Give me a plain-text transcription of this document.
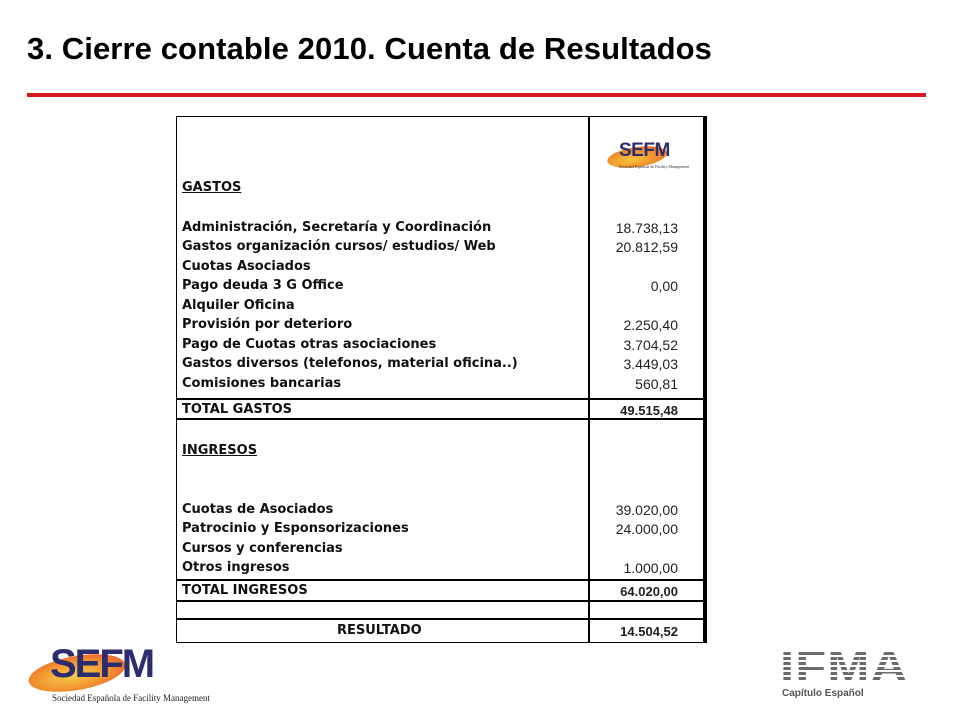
3. Cierre contable 2010. Cuenta de Resultados
SEFM
Sociedad Española de Facility Management
GASTOS
Administración, Secretaría y Coordinación	18.738,13
Gastos organización cursos/ estudios/ Web	20.812,59
Cuotas Asociados
Pago deuda 3 G Office	0,00
Alquiler Oficina
Provisión por deterioro	2.250,40
Pago de Cuotas otras asociaciones	3.704,52
Gastos diversos (telefonos, material oficina..)	3.449,03
Comisiones bancarias	560,81
TOTAL GASTOS	49.515,48
INGRESOS
Cuotas de Asociados	39.020,00
Patrocinio y Esponsorizaciones	24.000,00
Cursos y conferencias
Otros ingresos	1.000,00
TOTAL INGRESOS	64.020,00
RESULTADO	14.504,52
SEFM
Sociedad Española de Facility Management
IFMA
Capítulo Español
